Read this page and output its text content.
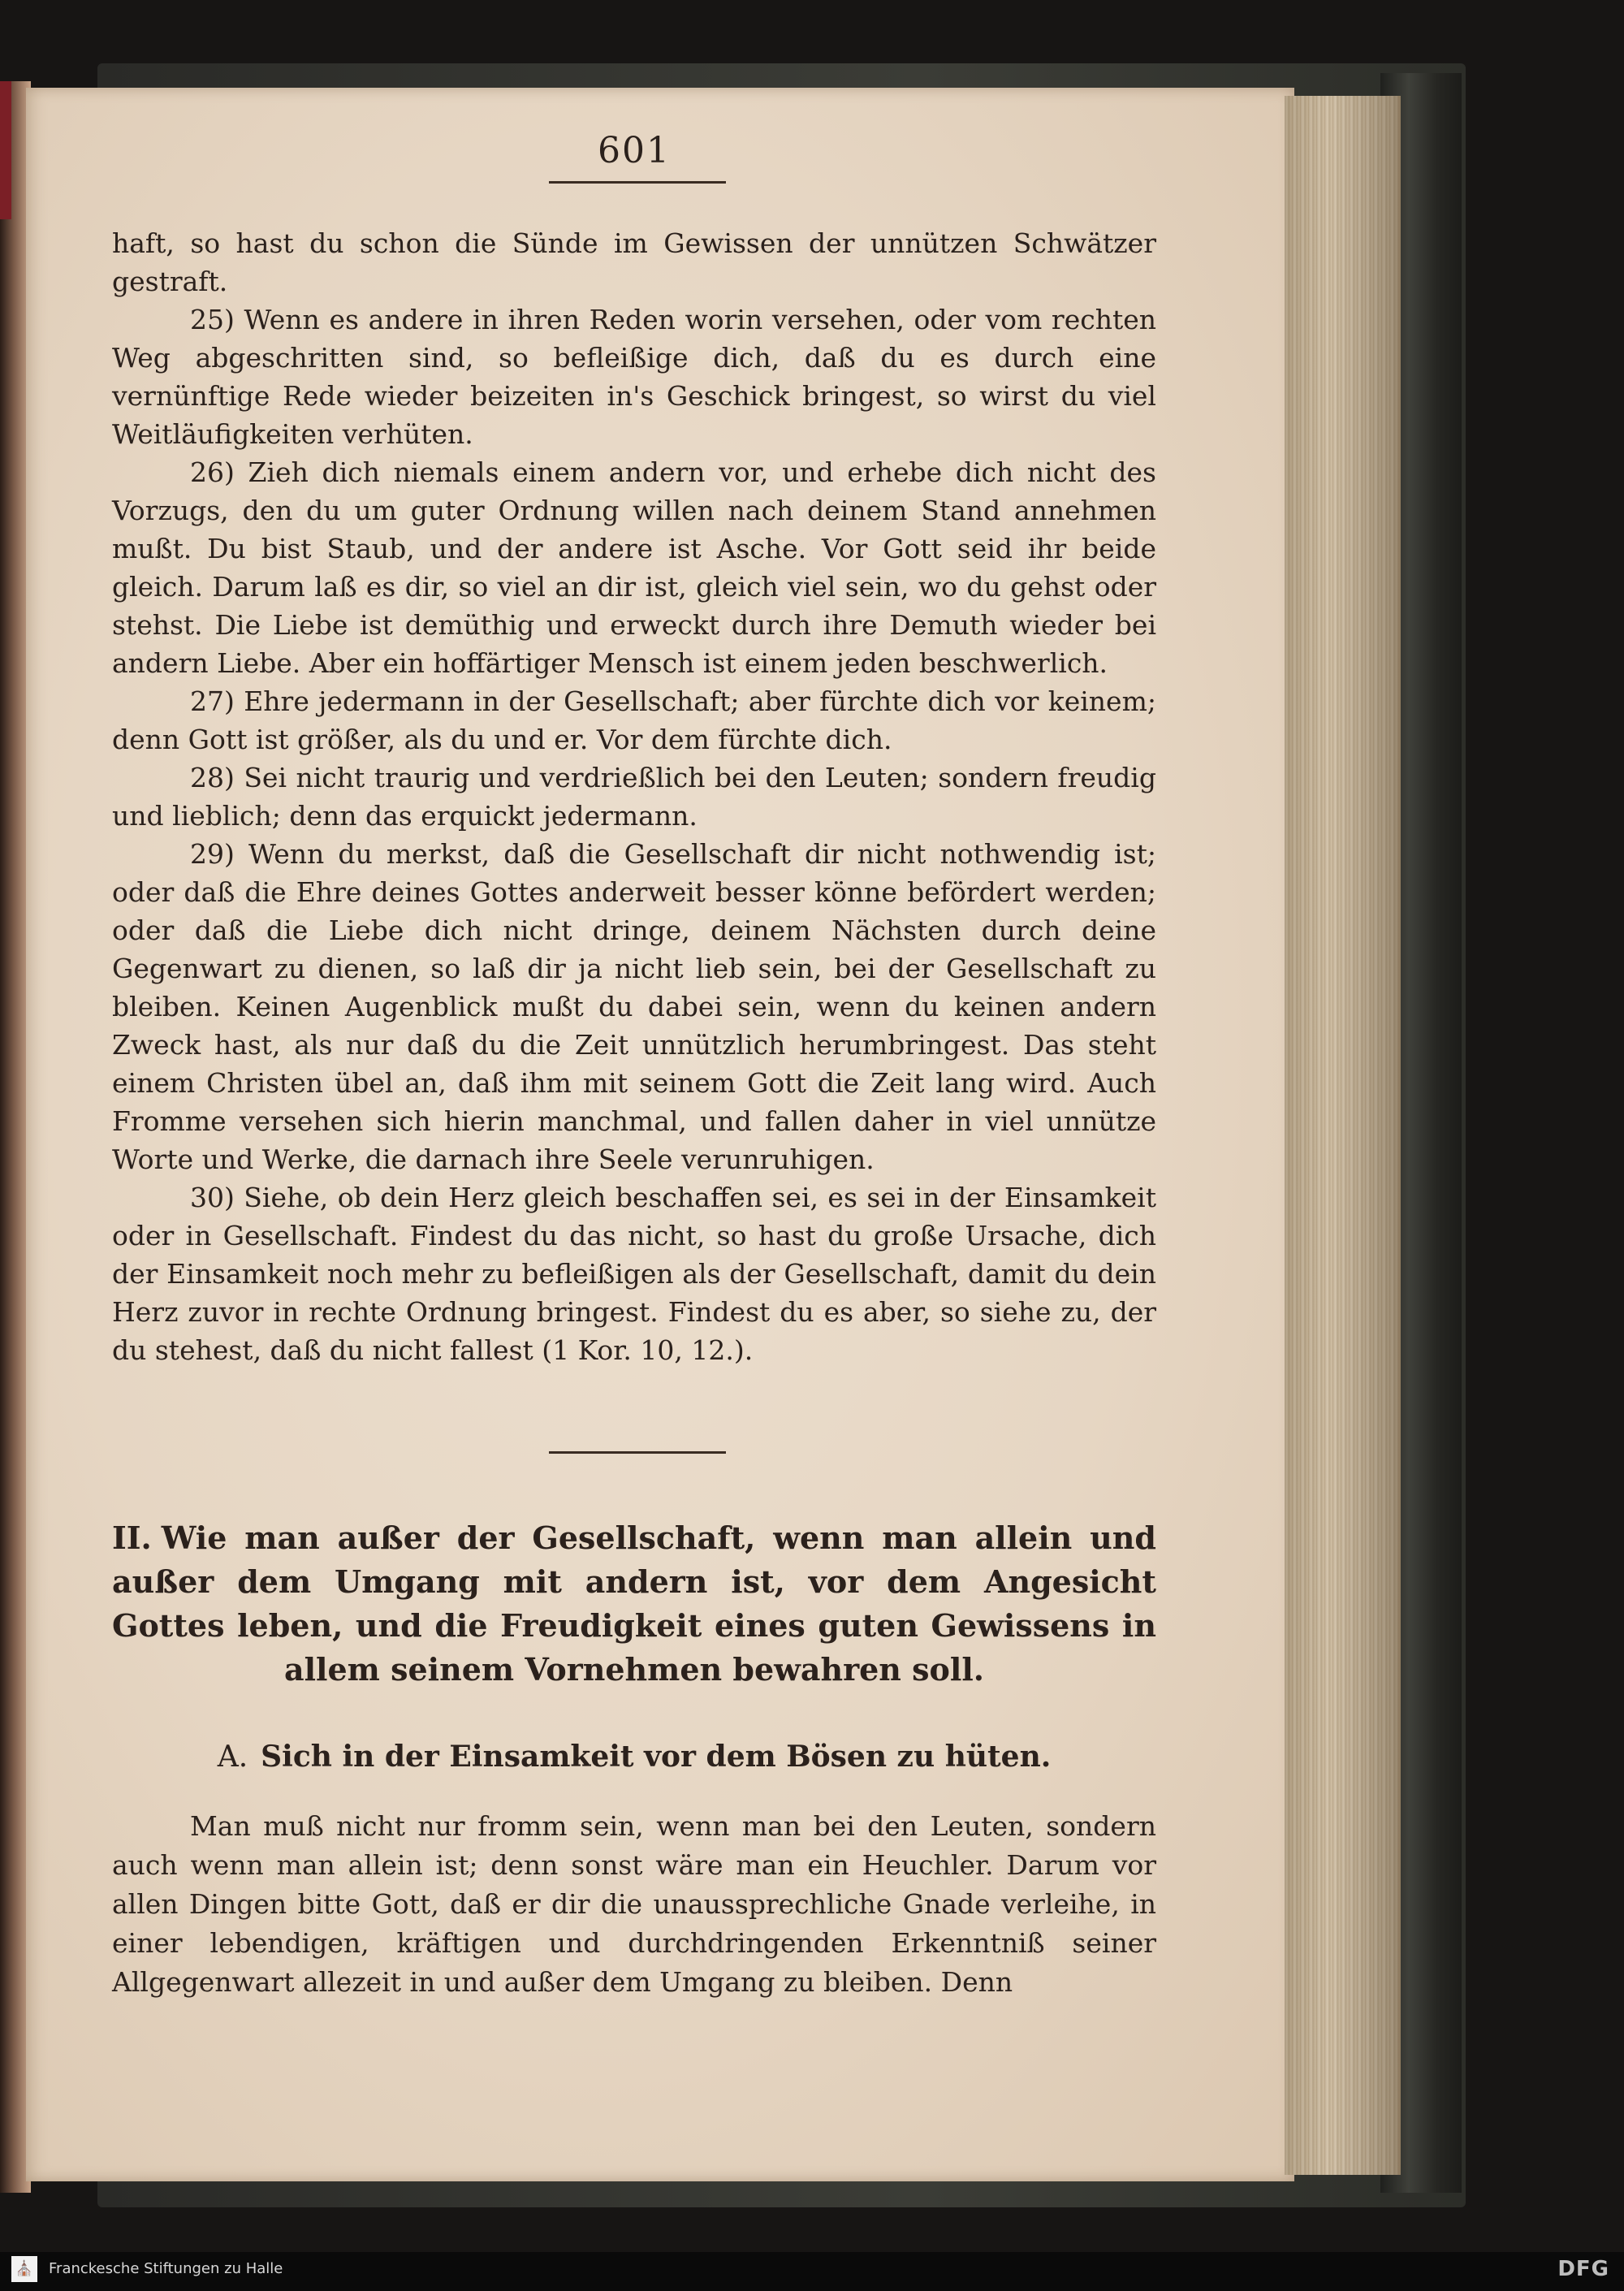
601

haft, so hast du schon die Sünde im Gewissen der unnützen Schwätzer gestraft.

25) Wenn es andere in ihren Reden worin versehen, oder vom rechten Weg abgeschritten sind, so befleißige dich, daß du es durch eine vernünftige Rede wieder beizeiten in's Geschick bringest, so wirst du viel Weitläufigkeiten verhüten.

26) Zieh dich niemals einem andern vor, und erhebe dich nicht des Vorzugs, den du um guter Ordnung willen nach deinem Stand annehmen mußt. Du bist Staub, und der andere ist Asche. Vor Gott seid ihr beide gleich. Darum laß es dir, so viel an dir ist, gleich viel sein, wo du gehst oder stehst. Die Liebe ist demüthig und erweckt durch ihre Demuth wieder bei andern Liebe. Aber ein hoffärtiger Mensch ist einem jeden beschwerlich.

27) Ehre jedermann in der Gesellschaft; aber fürchte dich vor keinem; denn Gott ist größer, als du und er. Vor dem fürchte dich.

28) Sei nicht traurig und verdrießlich bei den Leuten; sondern freudig und lieblich; denn das erquickt jedermann.

29) Wenn du merkst, daß die Gesellschaft dir nicht nothwendig ist; oder daß die Ehre deines Gottes anderweit besser könne befördert werden; oder daß die Liebe dich nicht dringe, deinem Nächsten durch deine Gegenwart zu dienen, so laß dir ja nicht lieb sein, bei der Gesellschaft zu bleiben. Keinen Augenblick mußt du dabei sein, wenn du keinen andern Zweck hast, als nur daß du die Zeit unnützlich herumbringest. Das steht einem Christen übel an, daß ihm mit seinem Gott die Zeit lang wird. Auch Fromme versehen sich hierin manchmal, und fallen daher in viel unnütze Worte und Werke, die darnach ihre Seele verunruhigen.

30) Siehe, ob dein Herz gleich beschaffen sei, es sei in der Einsamkeit oder in Gesellschaft. Findest du das nicht, so hast du große Ursache, dich der Einsamkeit noch mehr zu befleißigen als der Gesellschaft, damit du dein Herz zuvor in rechte Ordnung bringest. Findest du es aber, so siehe zu, der du stehest, daß du nicht fallest (1 Kor. 10, 12.).

II. Wie man außer der Gesellschaft, wenn man allein und außer dem Umgang mit andern ist, vor dem Angesicht Gottes leben, und die Freudigkeit eines guten Gewissens in allem seinem Vornehmen bewahren soll.
A. Sich in der Einsamkeit vor dem Bösen zu hüten.
Man muß nicht nur fromm sein, wenn man bei den Leuten, sondern auch wenn man allein ist; denn sonst wäre man ein Heuchler. Darum vor allen Dingen bitte Gott, daß er dir die unaussprechliche Gnade verleihe, in einer lebendigen, kräftigen und durchdringenden Erkenntniß seiner Allgegenwart allezeit in und außer dem Umgang zu bleiben. Denn
⛪ Franckesche Stiftungen zu Halle	DFG
